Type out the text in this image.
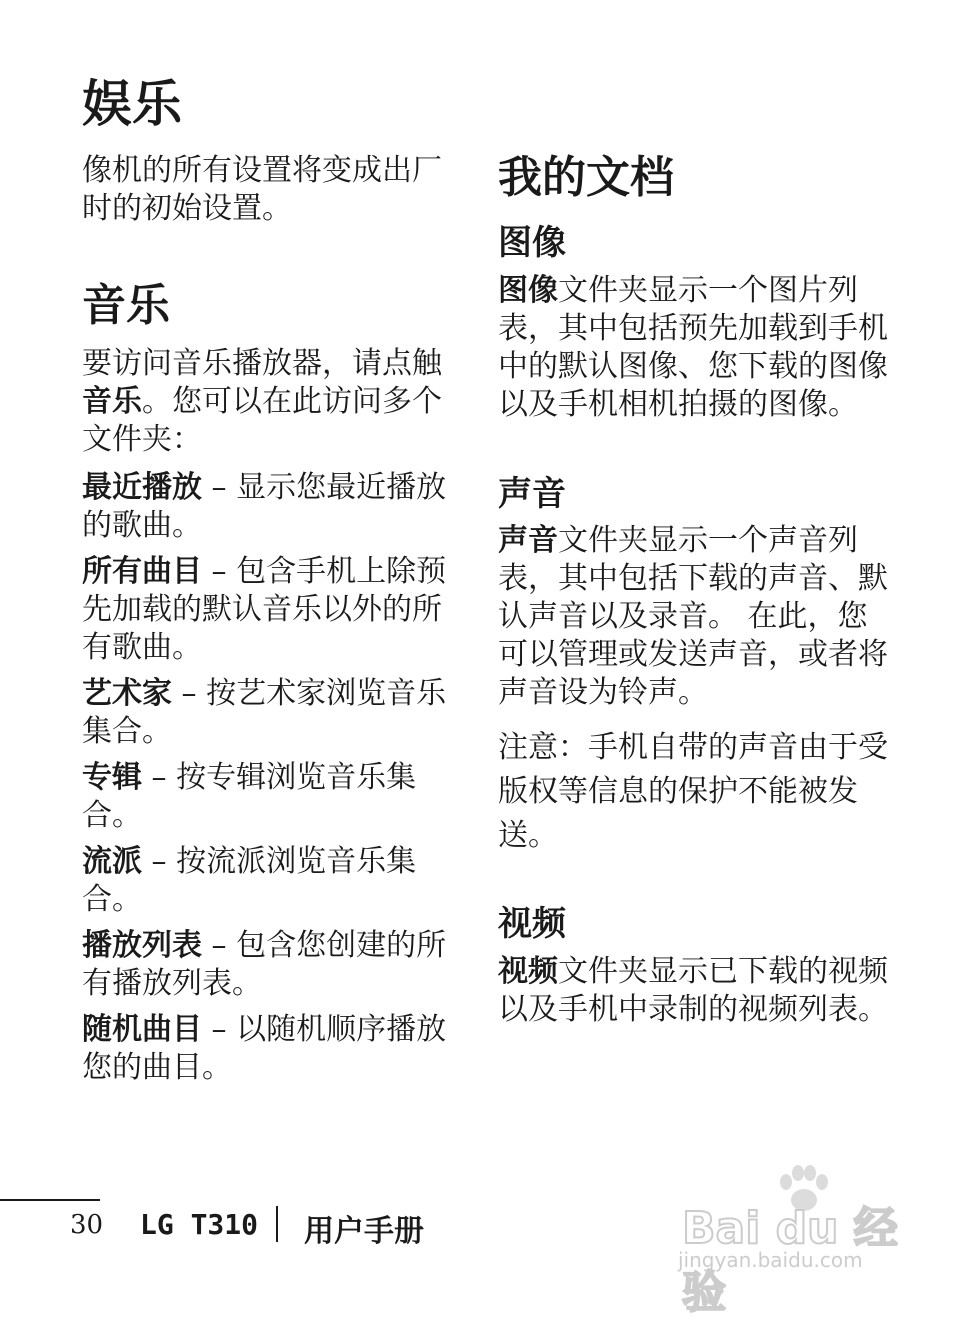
娱乐

像机的所有设置将变成出厂时的初始设置。

音乐

要访问音乐播放器，请点触音乐。您可以在此访问多个文件夹：

最近播放 – 显示您最近播放的歌曲。

所有曲目 – 包含手机上除预先加载的默认音乐以外的所有歌曲。

艺术家 – 按艺术家浏览音乐集合。

专辑 – 按专辑浏览音乐集合。

流派 – 按流派浏览音乐集合。

播放列表 – 包含您创建的所有播放列表。

随机曲目 – 以随机顺序播放您的曲目。

我的文档
图像

图像文件夹显示一个图片列表，其中包括预先加载到手机中的默认图像、您下载的图像以及手机相机拍摄的图像。

声音

声音文件夹显示一个声音列表，其中包括下载的声音、默认声音以及录音。 在此，您可以管理或发送声音，或者将声音设为铃声。

注意：手机自带的声音由于受版权等信息的保护不能被发送。

视频

视频文件夹显示已下载的视频以及手机中录制的视频列表。

30 LG T310 用户手册	Bai du 经验
jingyan.baidu.com
